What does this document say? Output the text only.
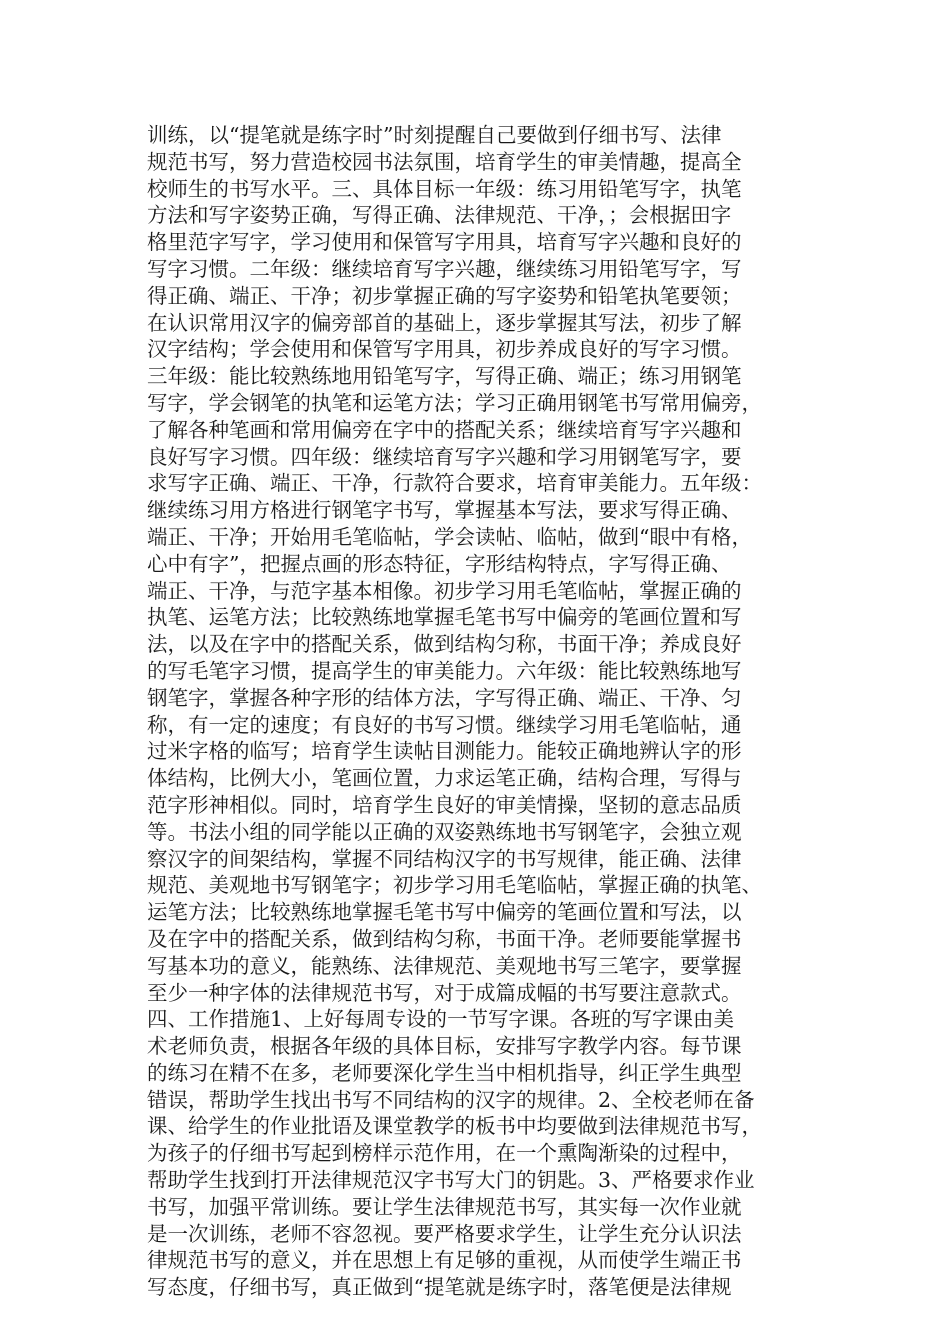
训练，以“提笔就是练字时”时刻提醒自己要做到仔细书写、法律
规范书写，努力营造校园书法氛围，培育学生的审美情趣，提高全
校师生的书写水平。三、具体目标一年级：练习用铅笔写字，执笔
方法和写字姿势正确，写得正确、法律规范、干净，；会根据田字
格里范字写字，学习使用和保管写字用具，培育写字兴趣和良好的
写字习惯。二年级：继续培育写字兴趣，继续练习用铅笔写字，写
得正确、端正、干净；初步掌握正确的写字姿势和铅笔执笔要领；
在认识常用汉字的偏旁部首的基础上，逐步掌握其写法，初步了解
汉字结构；学会使用和保管写字用具，初步养成良好的写字习惯。
三年级：能比较熟练地用铅笔写字，写得正确、端正；练习用钢笔
写字，学会钢笔的执笔和运笔方法；学习正确用钢笔书写常用偏旁，
了解各种笔画和常用偏旁在字中的搭配关系；继续培育写字兴趣和
良好写字习惯。四年级：继续培育写字兴趣和学习用钢笔写字，要
求写字正确、端正、干净，行款符合要求，培育审美能力。五年级：
继续练习用方格进行钢笔字书写，掌握基本写法，要求写得正确、
端正、干净；开始用毛笔临帖，学会读帖、临帖，做到“眼中有格，
心中有字”，把握点画的形态特征，字形结构特点，字写得正确、
端正、干净，与范字基本相像。初步学习用毛笔临帖，掌握正确的
执笔、运笔方法；比较熟练地掌握毛笔书写中偏旁的笔画位置和写
法，以及在字中的搭配关系，做到结构匀称，书面干净；养成良好
的写毛笔字习惯，提高学生的审美能力。六年级：能比较熟练地写
钢笔字，掌握各种字形的结体方法，字写得正确、端正、干净、匀
称，有一定的速度；有良好的书写习惯。继续学习用毛笔临帖，通
过米字格的临写；培育学生读帖目测能力。能较正确地辨认字的形
体结构，比例大小，笔画位置，力求运笔正确，结构合理，写得与
范字形神相似。同时，培育学生良好的审美情操，坚韧的意志品质
等。书法小组的同学能以正确的双姿熟练地书写钢笔字，会独立观
察汉字的间架结构，掌握不同结构汉字的书写规律，能正确、法律
规范、美观地书写钢笔字；初步学习用毛笔临帖，掌握正确的执笔、
运笔方法；比较熟练地掌握毛笔书写中偏旁的笔画位置和写法，以
及在字中的搭配关系，做到结构匀称，书面干净。老师要能掌握书
写基本功的意义，能熟练、法律规范、美观地书写三笔字，要掌握
至少一种字体的法律规范书写，对于成篇成幅的书写要注意款式。
四、工作措施1、上好每周专设的一节写字课。各班的写字课由美
术老师负责，根据各年级的具体目标，安排写字教学内容。每节课
的练习在精不在多，老师要深化学生当中相机指导，纠正学生典型
错误，帮助学生找出书写不同结构的汉字的规律。2、全校老师在备
课、给学生的作业批语及课堂教学的板书中均要做到法律规范书写，
为孩子的仔细书写起到榜样示范作用，在一个熏陶渐染的过程中，
帮助学生找到打开法律规范汉字书写大门的钥匙。3、严格要求作业
书写，加强平常训练。要让学生法律规范书写，其实每一次作业就
是一次训练，老师不容忽视。要严格要求学生，让学生充分认识法
律规范书写的意义，并在思想上有足够的重视，从而使学生端正书
写态度，仔细书写，真正做到“提笔就是练字时，落笔便是法律规
